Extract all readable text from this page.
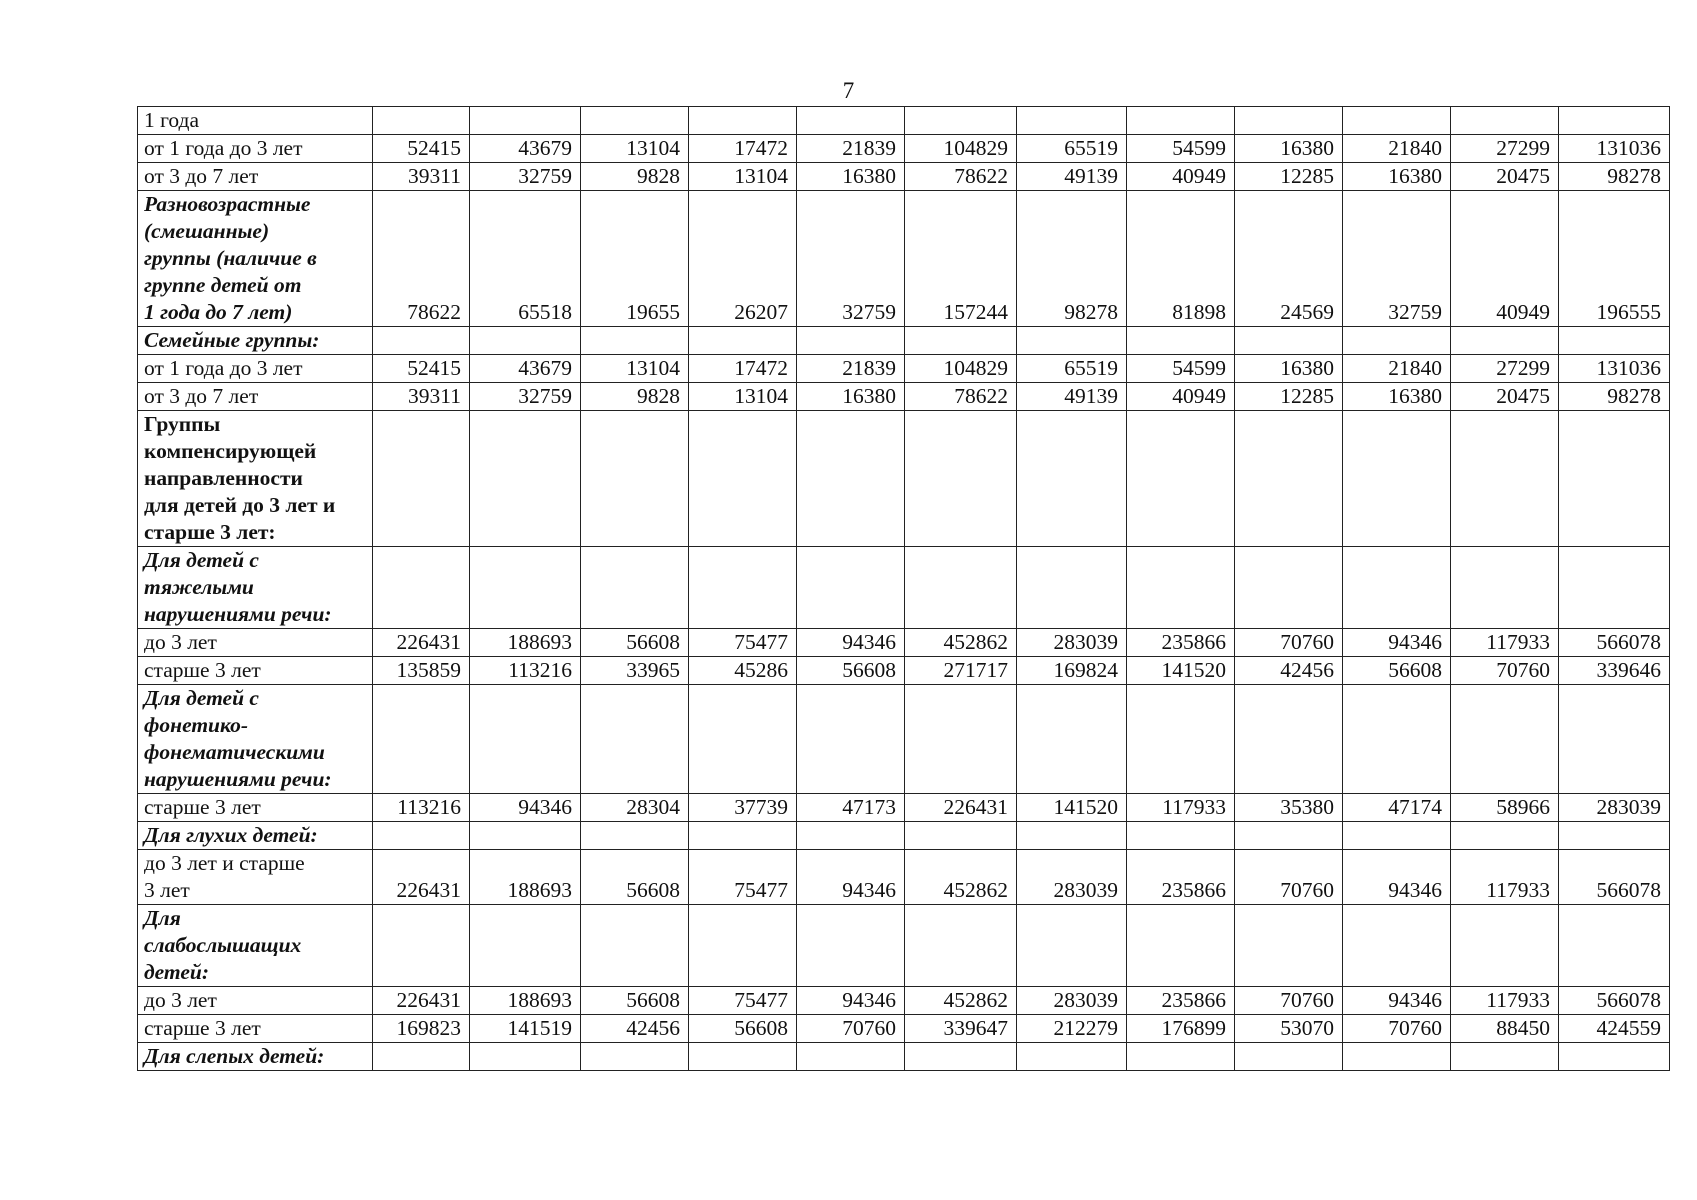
7
1 года												

от 1 года до 3 лет	52415	43679	13104	17472	21839	104829	65519	54599	16380	21840	27299	131036

от 3 до 7 лет	39311	32759	9828	13104	16380	78622	49139	40949	12285	16380	20475	98278

Разновозрастные
(смешанные)
группы (наличие в
группе детей от
1 года до 7 лет)	78622	65518	19655	26207	32759	157244	98278	81898	24569	32759	40949	196555

Семейные группы:												

от 1 года до 3 лет	52415	43679	13104	17472	21839	104829	65519	54599	16380	21840	27299	131036

от 3 до 7 лет	39311	32759	9828	13104	16380	78622	49139	40949	12285	16380	20475	98278

Группы
компенсирующей
направленности
для детей до 3 лет и
старше 3 лет:												

Для детей с
тяжелыми
нарушениями речи:												

до 3 лет	226431	188693	56608	75477	94346	452862	283039	235866	70760	94346	117933	566078

старше 3 лет	135859	113216	33965	45286	56608	271717	169824	141520	42456	56608	70760	339646

Для детей с
фонетико-
фонематическими
нарушениями речи:												

старше 3 лет	113216	94346	28304	37739	47173	226431	141520	117933	35380	47174	58966	283039

Для глухих детей:												

до 3 лет и старше
3 лет	226431	188693	56608	75477	94346	452862	283039	235866	70760	94346	117933	566078

Для
слабослышащих
детей:												

до 3 лет	226431	188693	56608	75477	94346	452862	283039	235866	70760	94346	117933	566078

старше 3 лет	169823	141519	42456	56608	70760	339647	212279	176899	53070	70760	88450	424559

Для слепых детей:												
